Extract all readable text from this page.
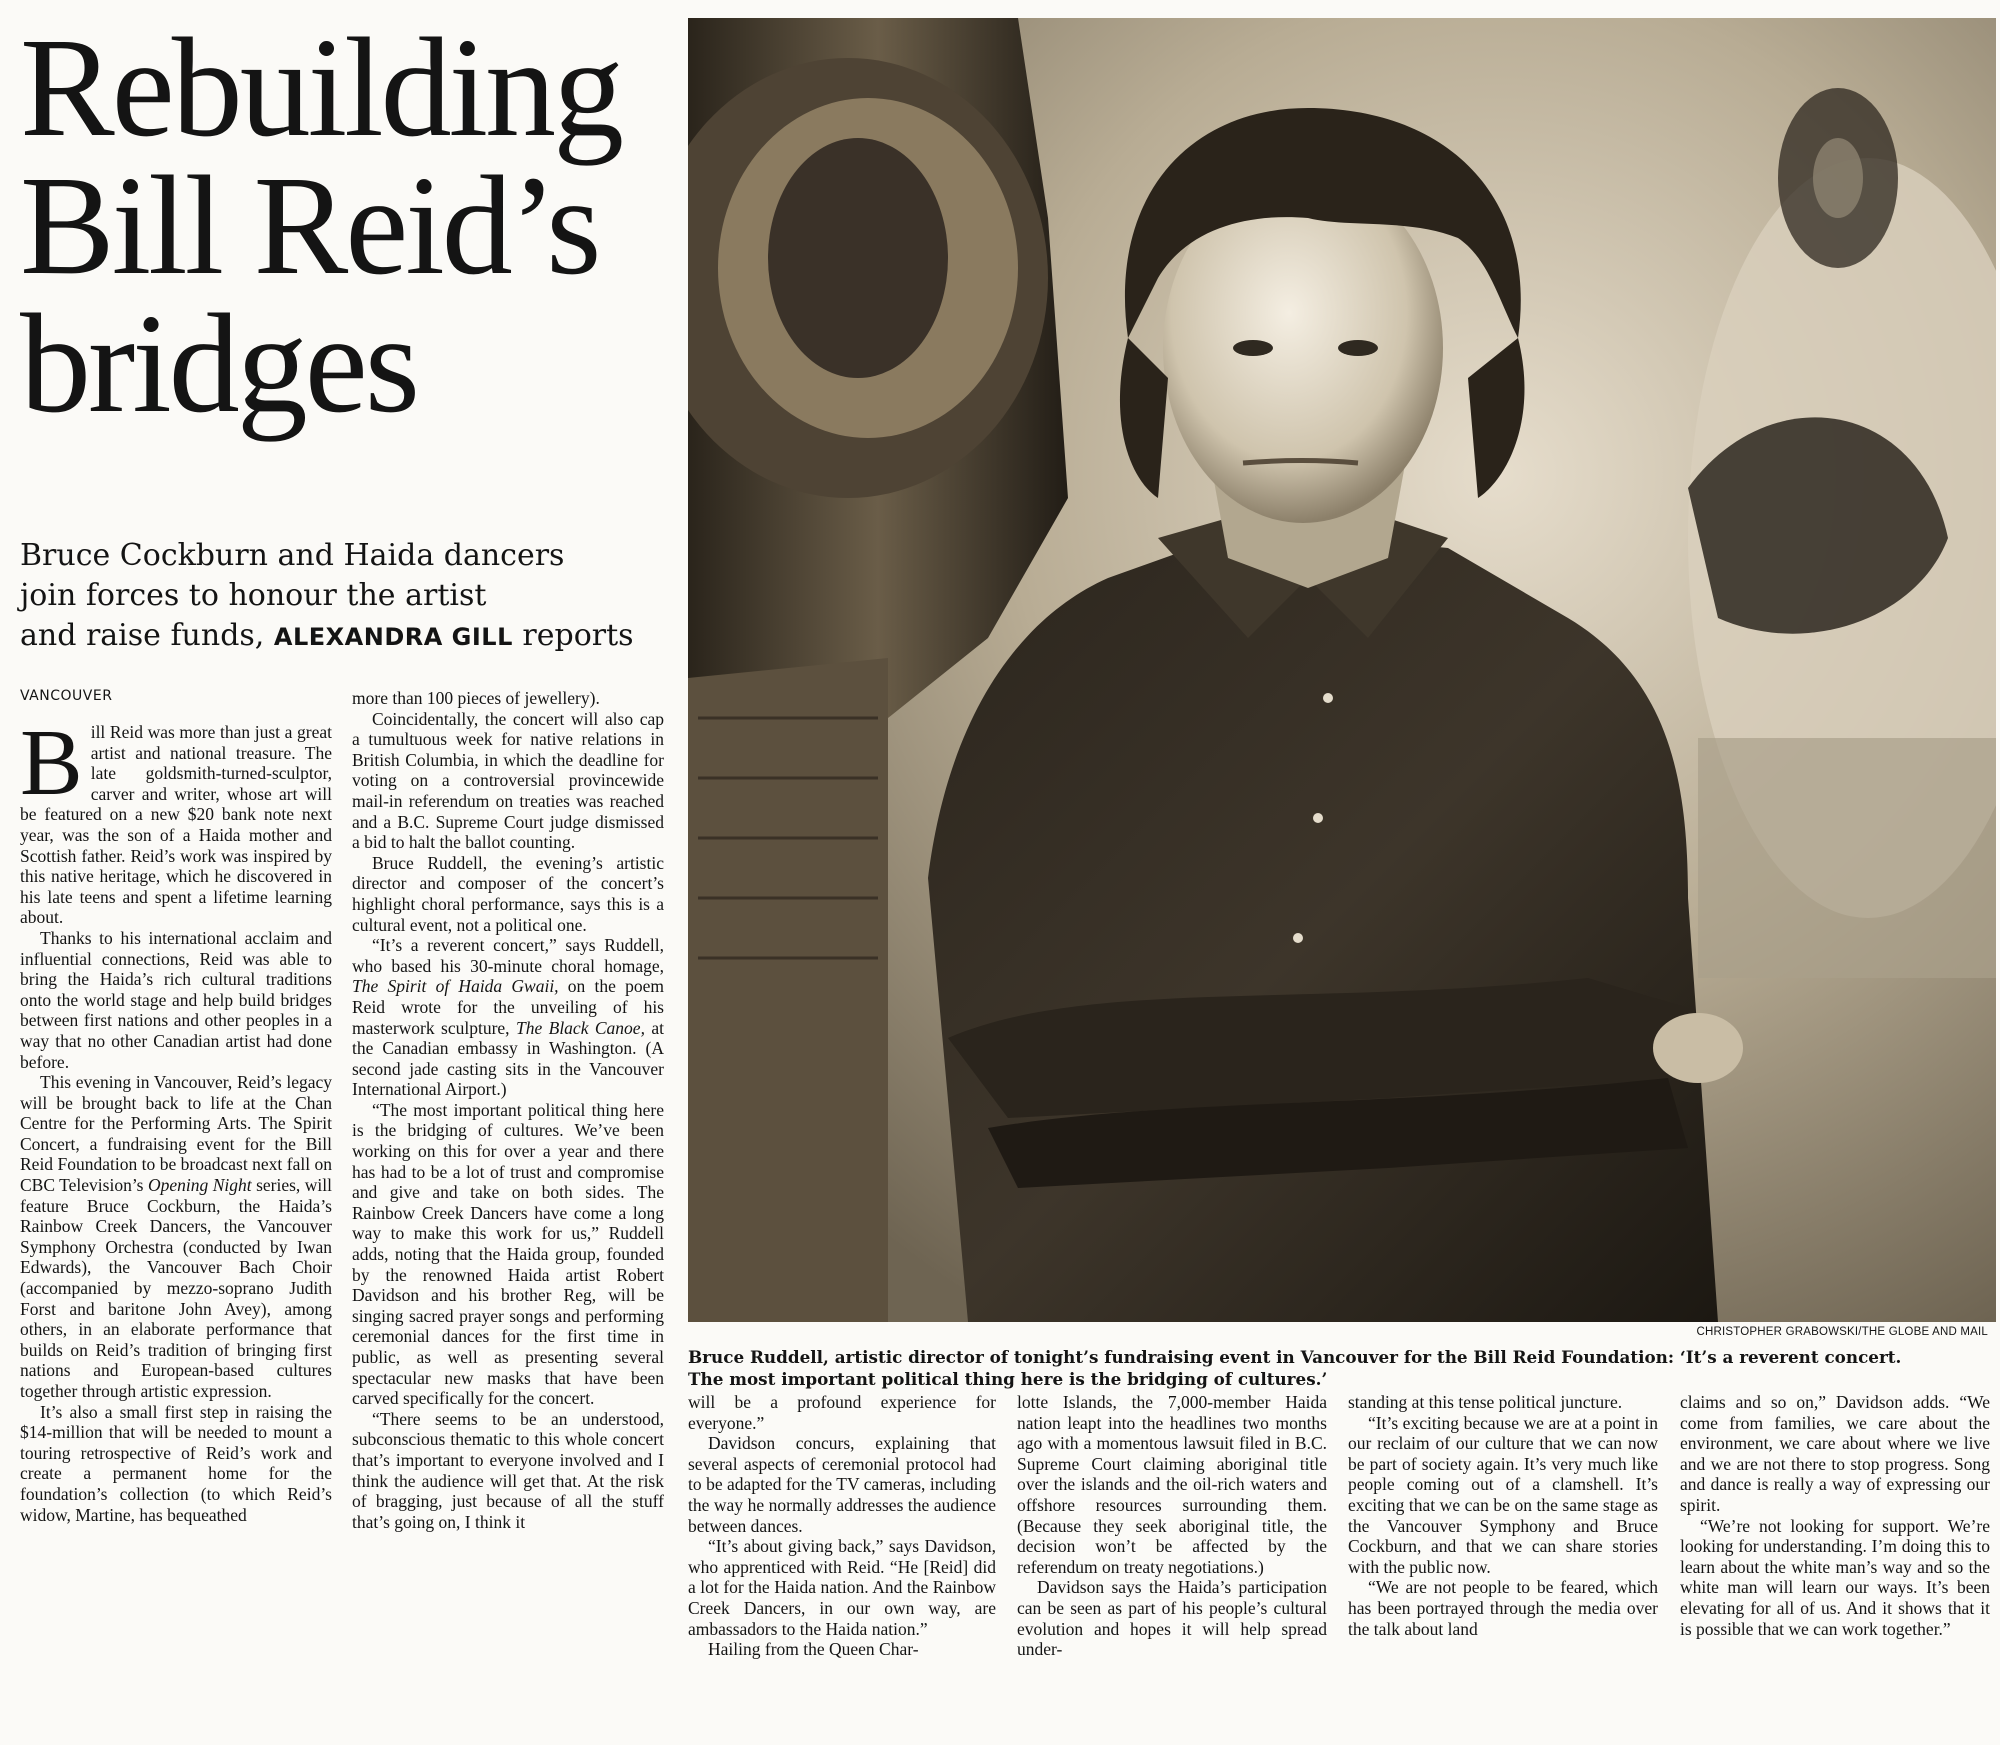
Rebuilding
Bill Reid’s
bridges
Bruce Cockburn and Haida dancers
join forces to honour the artist
and raise funds, ALEXANDRA GILL reports
VANCOUVER
CHRISTOPHER GRABOWSKI/THE GLOBE AND MAIL
Bruce Ruddell, artistic director of tonight’s fundraising event in Vancouver for the Bill Reid Foundation: ‘It’s a reverent concert. The most important political thing here is the bridging of cultures.’

Bill Reid was more than just a great artist and national treasure. The late goldsmith-turned-sculptor, carver and writer, whose art will be featured on a new $20 bank note next year, was the son of a Haida mother and Scottish father. Reid’s work was inspired by this native heritage, which he discovered in his late teens and spent a lifetime learning about.

Thanks to his international acclaim and influential connections, Reid was able to bring the Haida’s rich cultural traditions onto the world stage and help build bridges between first nations and other peoples in a way that no other Canadian artist had done before.

This evening in Vancouver, Reid’s legacy will be brought back to life at the Chan Centre for the Performing Arts. The Spirit Concert, a fundraising event for the Bill Reid Foundation to be broadcast next fall on CBC Television’s Opening Night series, will feature Bruce Cockburn, the Haida’s Rainbow Creek Dancers, the Vancouver Symphony Orchestra (conducted by Iwan Edwards), the Vancouver Bach Choir (accompanied by mezzo-soprano Judith Forst and baritone John Avey), among others, in an elaborate performance that builds on Reid’s tradition of bringing first nations and European-based cultures together through artistic expression.

It’s also a small first step in raising the $14-million that will be needed to mount a touring retrospective of Reid’s work and create a permanent home for the foundation’s collection (to which Reid’s widow, Martine, has bequeathed

more than 100 pieces of jewellery).

Coincidentally, the concert will also cap a tumultuous week for native relations in British Columbia, in which the deadline for voting on a controversial provincewide mail-in referendum on treaties was reached and a B.C. Supreme Court judge dismissed a bid to halt the ballot counting.

Bruce Ruddell, the evening’s artistic director and composer of the concert’s highlight choral performance, says this is a cultural event, not a political one.

“It’s a reverent concert,” says Ruddell, who based his 30-minute choral homage, The Spirit of Haida Gwaii, on the poem Reid wrote for the unveiling of his masterwork sculpture, The Black Canoe, at the Canadian embassy in Washington. (A second jade casting sits in the Vancouver International Airport.)

“The most important political thing here is the bridging of cultures. We’ve been working on this for over a year and there has had to be a lot of trust and compromise and give and take on both sides. The Rainbow Creek Dancers have come a long way to make this work for us,” Ruddell adds, noting that the Haida group, founded by the renowned Haida artist Robert Davidson and his brother Reg, will be singing sacred prayer songs and performing ceremonial dances for the first time in public, as well as presenting several spectacular new masks that have been carved specifically for the concert.

“There seems to be an understood, subconscious thematic to this whole concert that’s important to everyone involved and I think the audience will get that. At the risk of bragging, just because of all the stuff that’s going on, I think it

will be a profound experience for everyone.”

Davidson concurs, explaining that several aspects of ceremonial protocol had to be adapted for the TV cameras, including the way he normally addresses the audience between dances.

“It’s about giving back,” says Davidson, who apprenticed with Reid. “He [Reid] did a lot for the Haida nation. And the Rainbow Creek Dancers, in our own way, are ambassadors to the Haida nation.”

Hailing from the Queen Char-

lotte Islands, the 7,000-member Haida nation leapt into the headlines two months ago with a momentous lawsuit filed in B.C. Supreme Court claiming aboriginal title over the islands and the oil-rich waters and offshore resources surrounding them. (Because they seek aboriginal title, the decision won’t be affected by the referendum on treaty negotiations.)

Davidson says the Haida’s participation can be seen as part of his people’s cultural evolution and hopes it will help spread under-

standing at this tense political juncture.

“It’s exciting because we are at a point in our reclaim of our culture that we can now be part of society again. It’s very much like people coming out of a clamshell. It’s exciting that we can be on the same stage as the Vancouver Symphony and Bruce Cockburn, and that we can share stories with the public now.

“We are not people to be feared, which has been portrayed through the media over the talk about land

claims and so on,” Davidson adds. “We come from families, we care about the environment, we care about where we live and we are not there to stop progress. Song and dance is really a way of expressing our spirit.

“We’re not looking for support. We’re looking for understanding. I’m doing this to learn about the white man’s way and so the white man will learn our ways. It’s been elevating for all of us. And it shows that it is possible that we can work together.”
